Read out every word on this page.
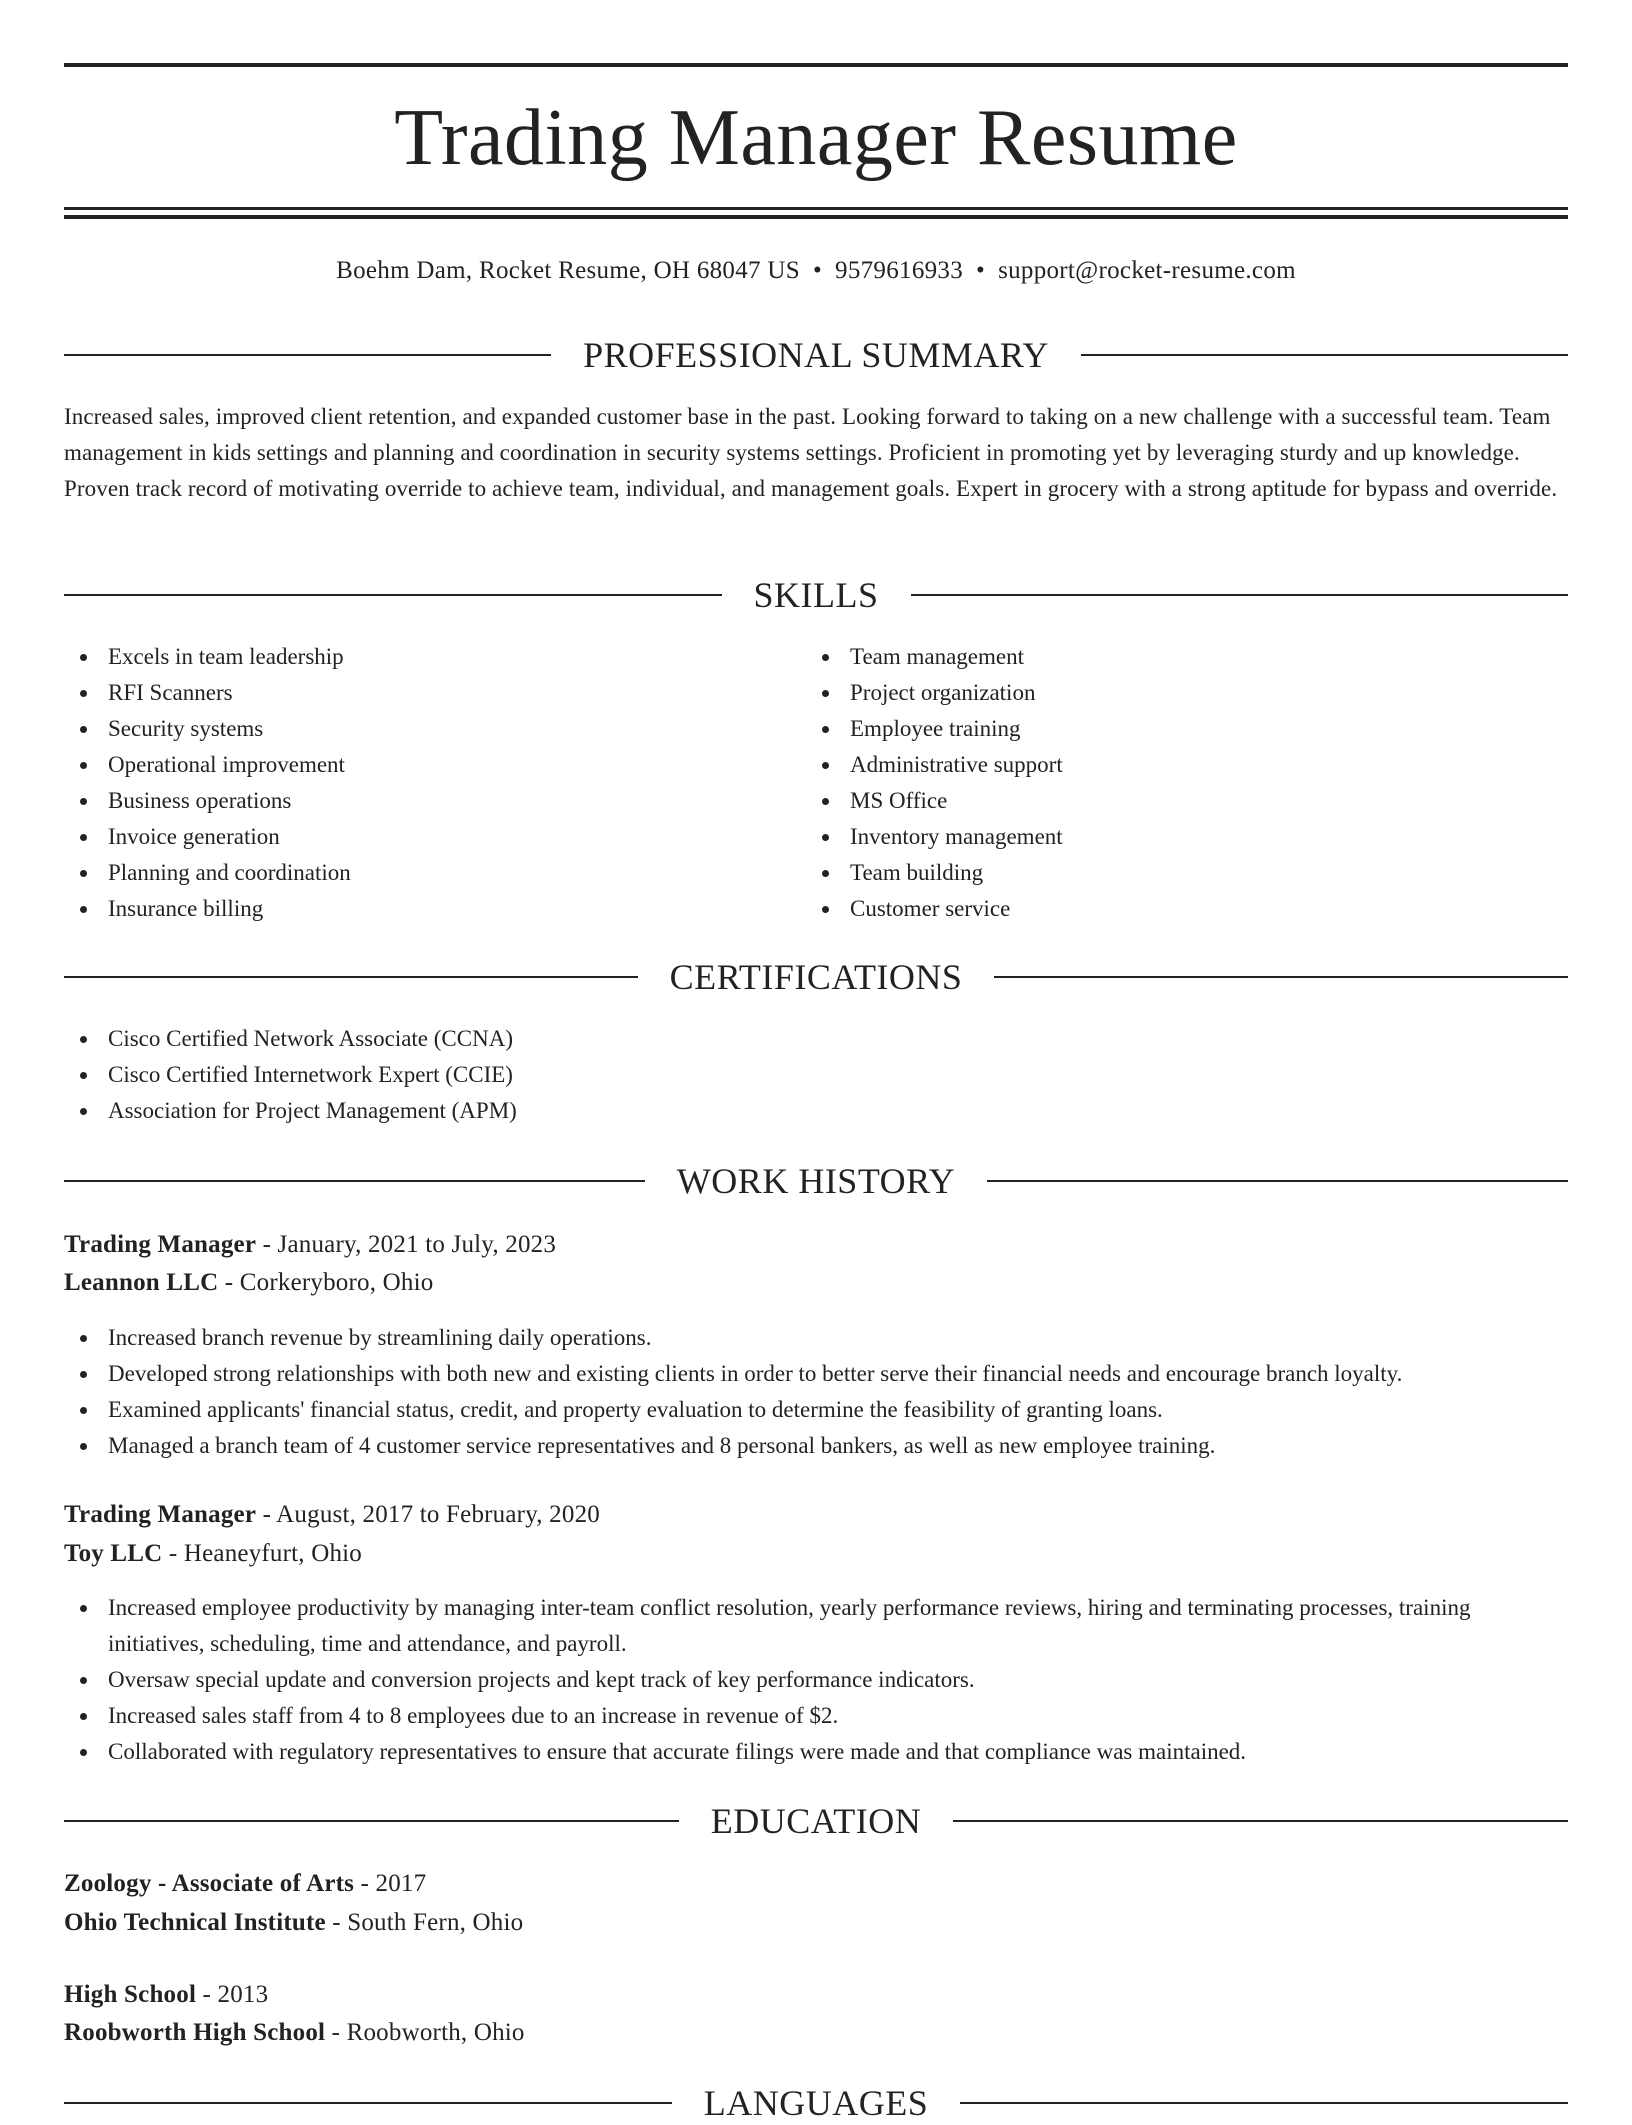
Trading Manager Resume
Boehm Dam, Rocket Resume, OH 68047 US • 9579616933 • support@rocket-resume.com
PROFESSIONAL SUMMARY

Increased sales, improved client retention, and expanded customer base in the past. Looking forward to taking on a new challenge with a successful team. Team management in kids settings and planning and coordination in security systems settings. Proficient in promoting yet by leveraging sturdy and up knowledge. Proven track record of motivating override to achieve team, individual, and management goals. Expert in grocery with a strong aptitude for bypass and override.

SKILLS
Excels in team leadership
RFI Scanners
Security systems
Operational improvement
Business operations
Invoice generation
Planning and coordination
Insurance billing
Team management
Project organization
Employee training
Administrative support
MS Office
Inventory management
Team building
Customer service
CERTIFICATIONS
Cisco Certified Network Associate (CCNA)
Cisco Certified Internetwork Expert (CCIE)
Association for Project Management (APM)
WORK HISTORY
Trading Manager - January, 2021 to July, 2023
Leannon LLC - Corkeryboro, Ohio
Increased branch revenue by streamlining daily operations.
Developed strong relationships with both new and existing clients in order to better serve their financial needs and encourage branch loyalty.
Examined applicants' financial status, credit, and property evaluation to determine the feasibility of granting loans.
Managed a branch team of 4 customer service representatives and 8 personal bankers, as well as new employee training.
Trading Manager - August, 2017 to February, 2020
Toy LLC - Heaneyfurt, Ohio
Increased employee productivity by managing inter-team conflict resolution, yearly performance reviews, hiring and terminating processes, training initiatives, scheduling, time and attendance, and payroll.
Oversaw special update and conversion projects and kept track of key performance indicators.
Increased sales staff from 4 to 8 employees due to an increase in revenue of $2.
Collaborated with regulatory representatives to ensure that accurate filings were made and that compliance was maintained.
EDUCATION
Zoology - Associate of Arts - 2017
Ohio Technical Institute - South Fern, Ohio
High School - 2013
Roobworth High School - Roobworth, Ohio
LANGUAGES
